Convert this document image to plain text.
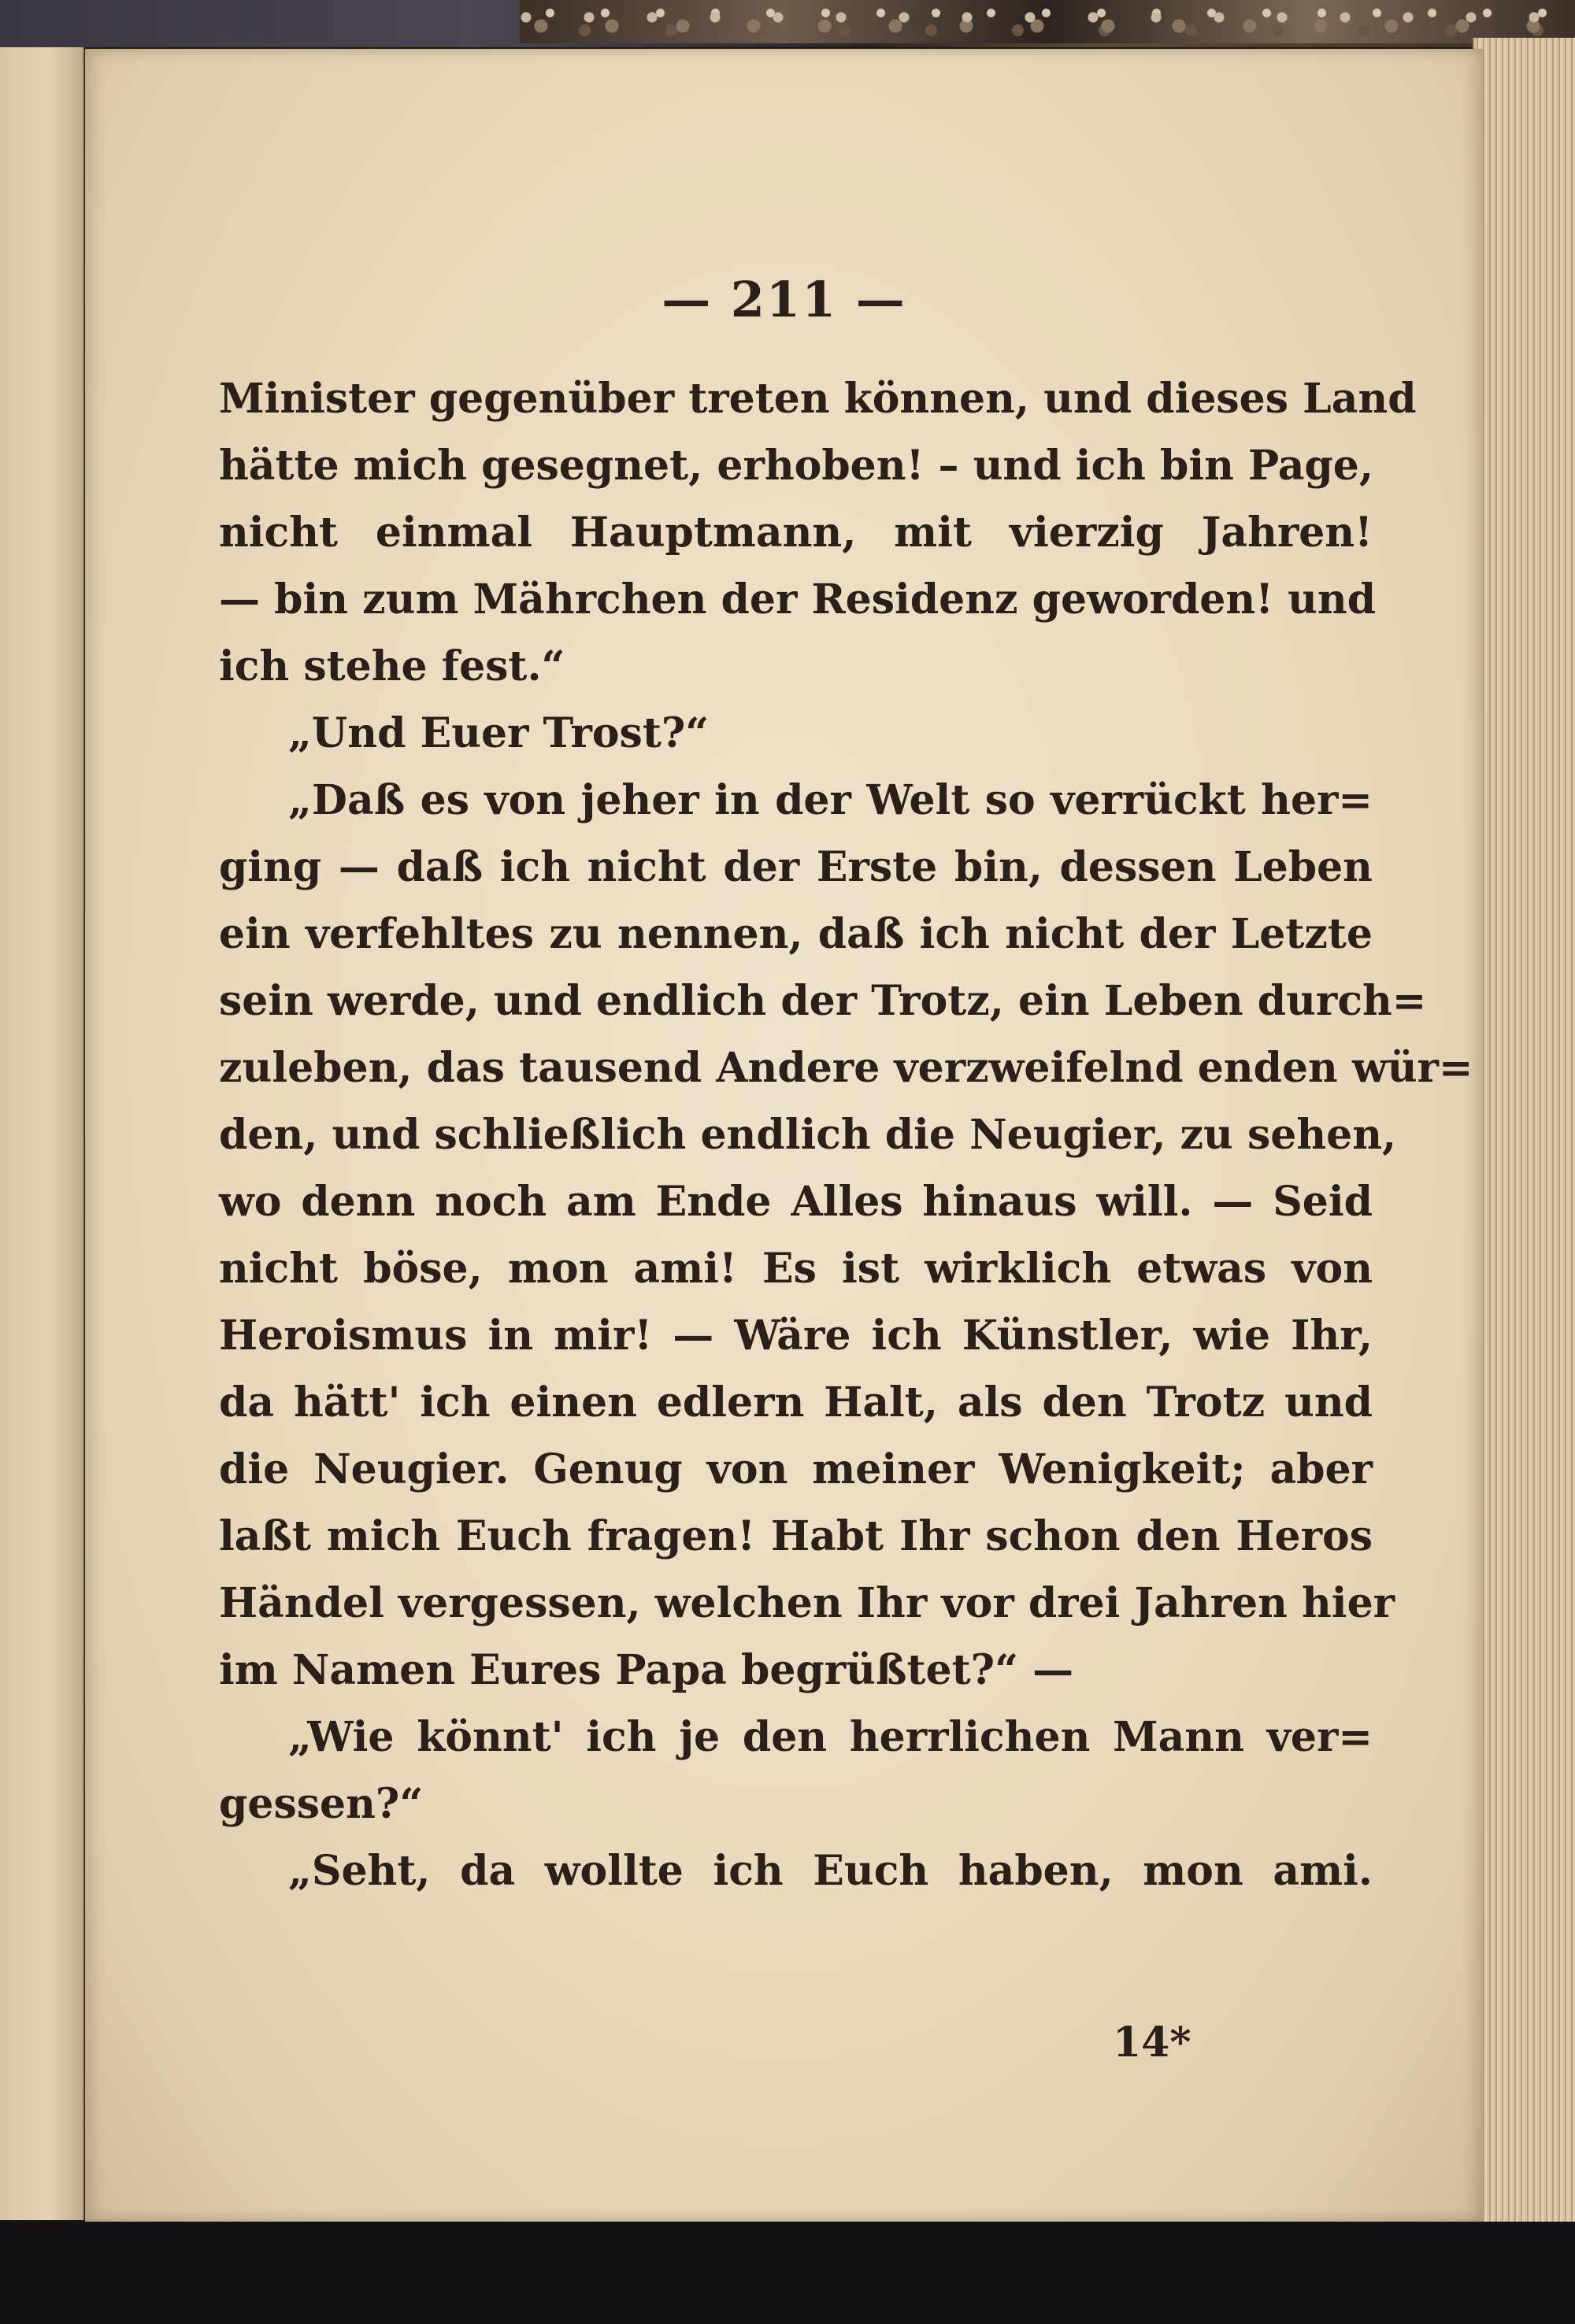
— 211 —
Minister gegenüber treten können, und dieses Land
hätte mich gesegnet, erhoben! – und ich bin Page,
nicht einmal Hauptmann, mit vierzig Jahren!
— bin zum Mährchen der Residenz geworden! und
ich stehe fest.“
„Und Euer Trost?“
„Daß es von jeher in der Welt so verrückt her=
ging — daß ich nicht der Erste bin, dessen Leben
ein verfehltes zu nennen, daß ich nicht der Letzte
sein werde, und endlich der Trotz, ein Leben durch=
zuleben, das tausend Andere verzweifelnd enden wür=
den, und schließlich endlich die Neugier, zu sehen,
wo denn noch am Ende Alles hinaus will. — Seid
nicht böse, mon ami! Es ist wirklich etwas von
Heroismus in mir! — Wäre ich Künstler, wie Ihr,
da hätt' ich einen edlern Halt, als den Trotz und
die Neugier. Genug von meiner Wenigkeit; aber
laßt mich Euch fragen! Habt Ihr schon den Heros
Händel vergessen, welchen Ihr vor drei Jahren hier
im Namen Eures Papa begrüßtet?“ —
„Wie könnt' ich je den herrlichen Mann ver=
gessen?“
„Seht, da wollte ich Euch haben, mon ami.
14*
